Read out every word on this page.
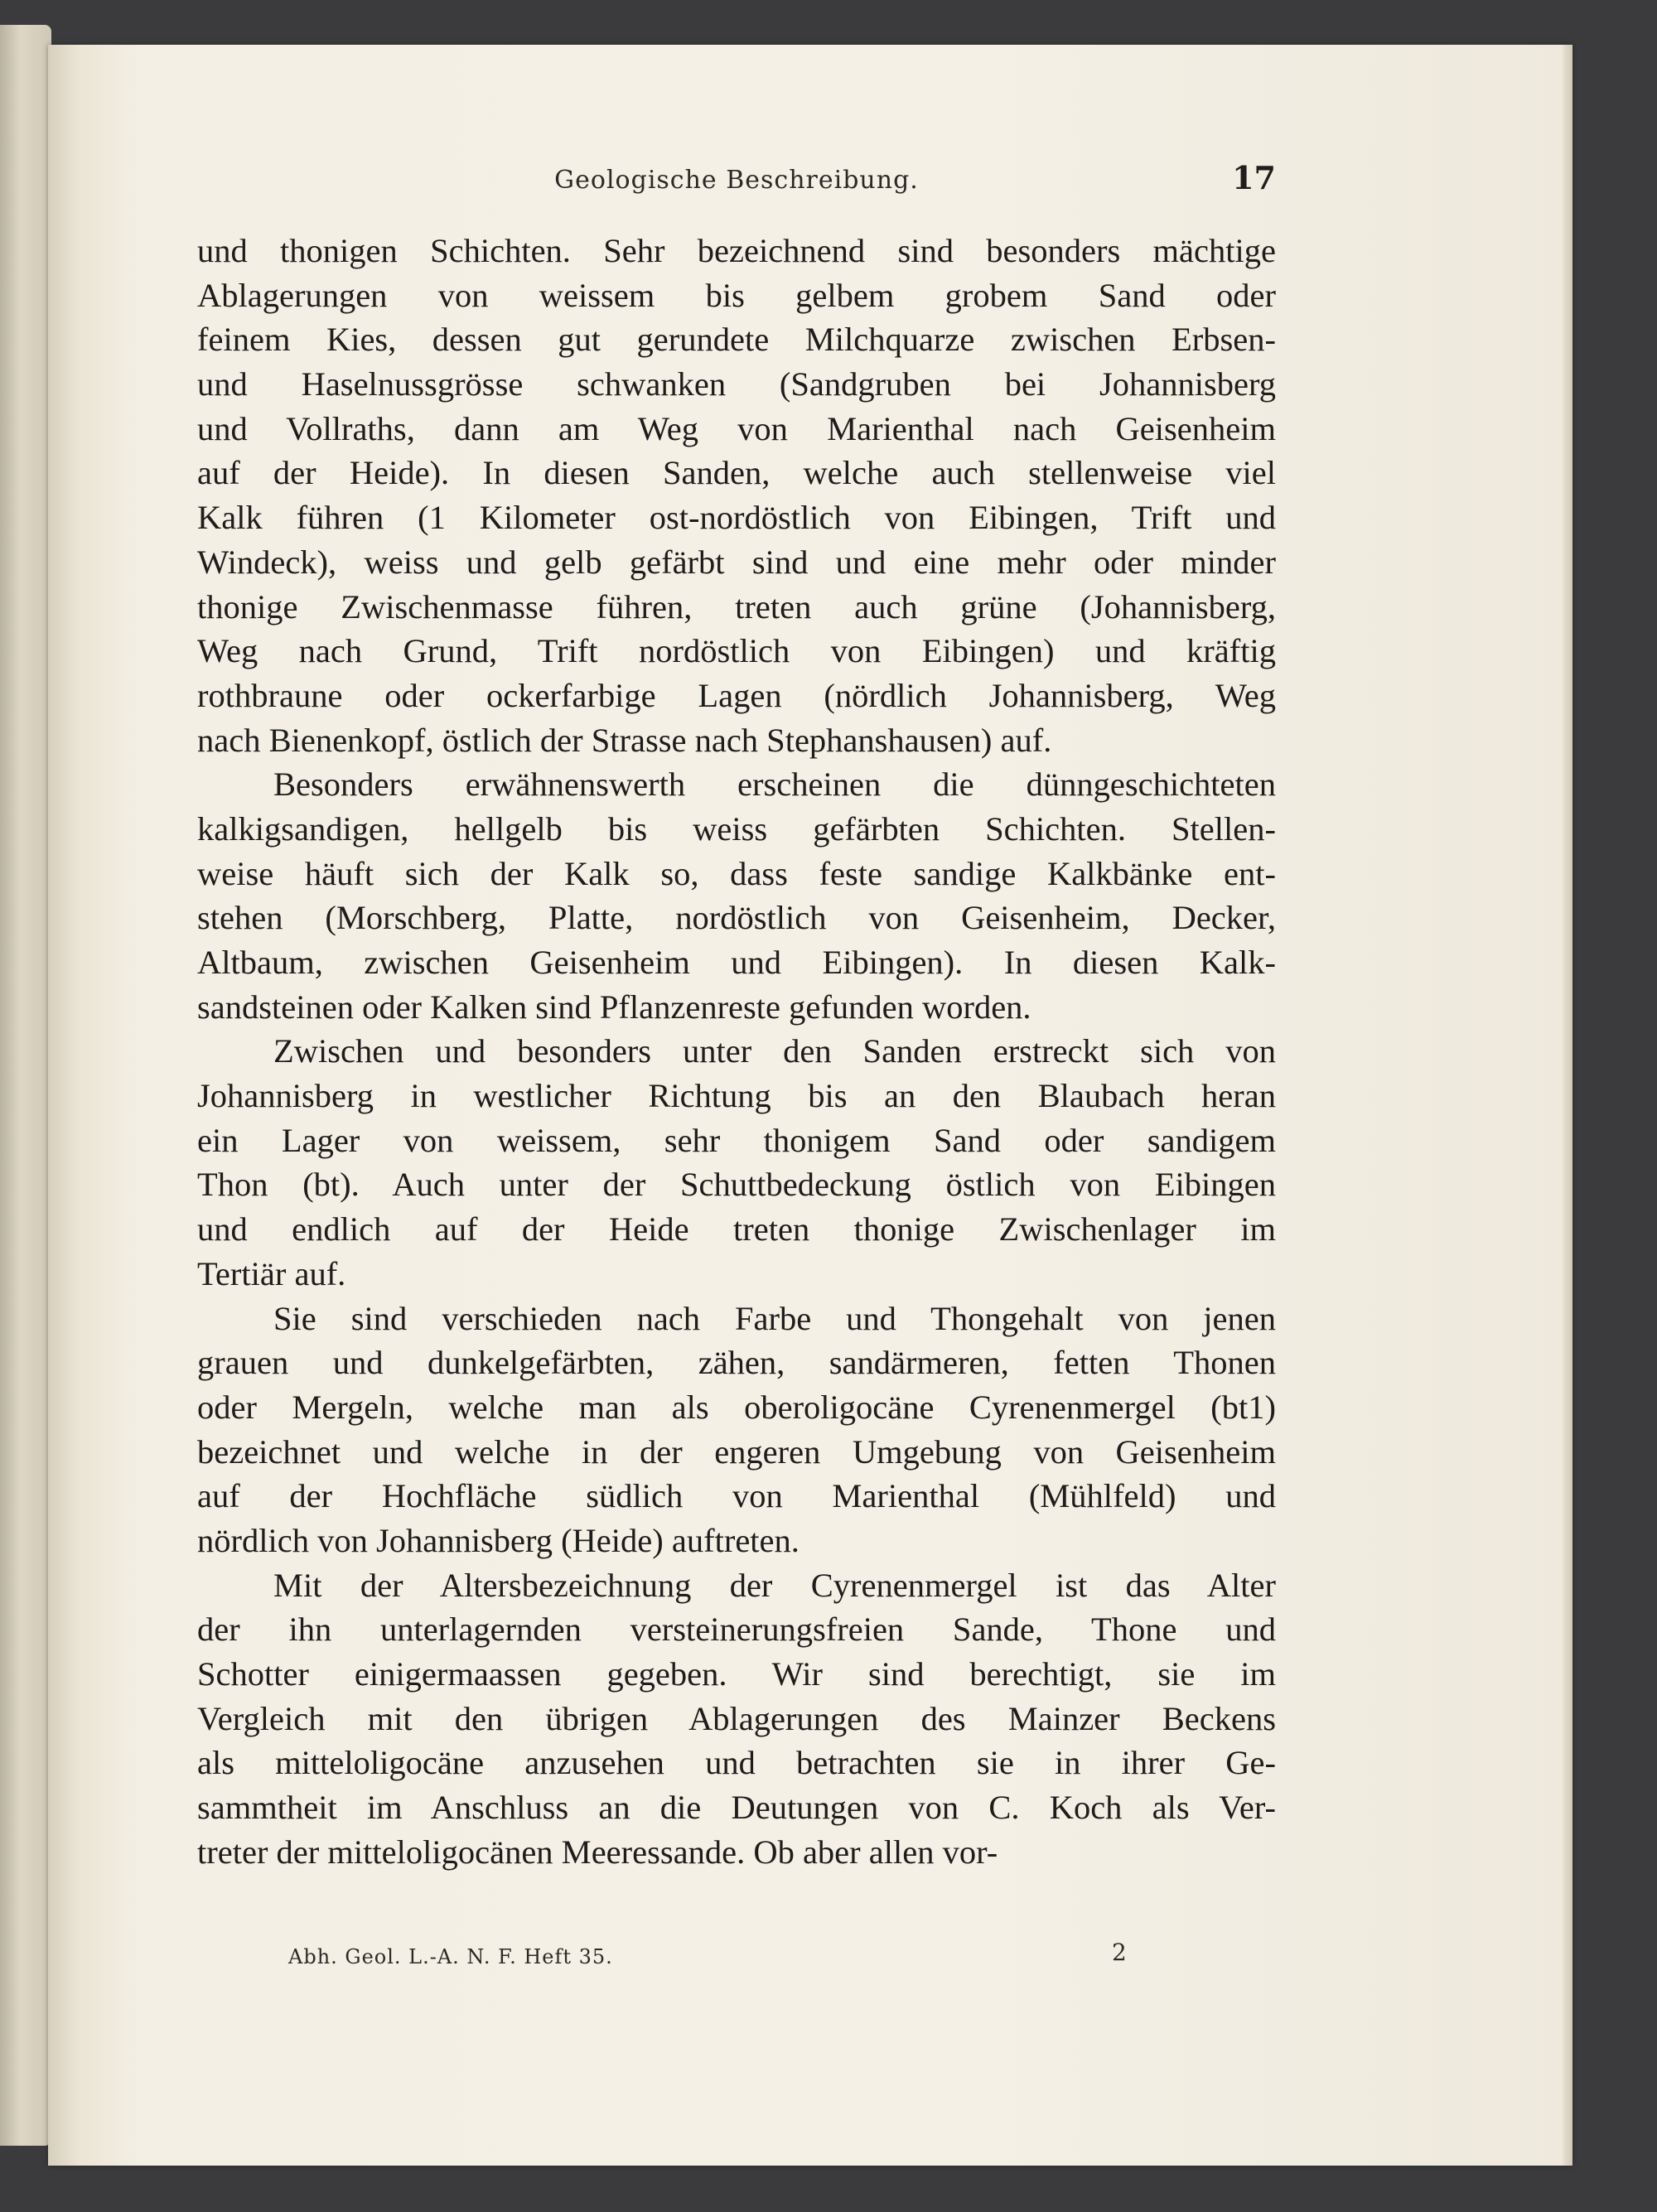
Geologische Beschreibung.	17
und thonigen Schichten. Sehr bezeichnend sind besonders mächtige
Ablagerungen von weissem bis gelbem grobem Sand oder
feinem Kies, dessen gut gerundete Milchquarze zwischen Erbsen-
und Haselnussgrösse schwanken (Sandgruben bei Johannisberg
und Vollraths, dann am Weg von Marienthal nach Geisenheim
auf der Heide). In diesen Sanden, welche auch stellenweise viel
Kalk führen (1 Kilometer ost-nordöstlich von Eibingen, Trift und
Windeck), weiss und gelb gefärbt sind und eine mehr oder minder
thonige Zwischenmasse führen, treten auch grüne (Johannisberg,
Weg nach Grund, Trift nordöstlich von Eibingen) und kräftig
rothbraune oder ockerfarbige Lagen (nördlich Johannisberg, Weg
nach Bienenkopf, östlich der Strasse nach Stephanshausen) auf.
Besonders erwähnenswerth erscheinen die dünngeschichteten
kalkigsandigen, hellgelb bis weiss gefärbten Schichten. Stellen-
weise häuft sich der Kalk so, dass feste sandige Kalkbänke ent-
stehen (Morschberg, Platte, nordöstlich von Geisenheim, Decker,
Altbaum, zwischen Geisenheim und Eibingen). In diesen Kalk-
sandsteinen oder Kalken sind Pflanzenreste gefunden worden.
Zwischen und besonders unter den Sanden erstreckt sich von
Johannisberg in westlicher Richtung bis an den Blaubach heran
ein Lager von weissem, sehr thonigem Sand oder sandigem
Thon (bt). Auch unter der Schuttbedeckung östlich von Eibingen
und endlich auf der Heide treten thonige Zwischenlager im
Tertiär auf.
Sie sind verschieden nach Farbe und Thongehalt von jenen
grauen und dunkelgefärbten, zähen, sandärmeren, fetten Thonen
oder Mergeln, welche man als oberoligocäne Cyrenenmergel (bt1)
bezeichnet und welche in der engeren Umgebung von Geisenheim
auf der Hochfläche südlich von Marienthal (Mühlfeld) und
nördlich von Johannisberg (Heide) auftreten.
Mit der Altersbezeichnung der Cyrenenmergel ist das Alter
der ihn unterlagernden versteinerungsfreien Sande, Thone und
Schotter einigermaassen gegeben. Wir sind berechtigt, sie im
Vergleich mit den übrigen Ablagerungen des Mainzer Beckens
als mitteloligocäne anzusehen und betrachten sie in ihrer Ge-
sammtheit im Anschluss an die Deutungen von C. Koch als Ver-
treter der mitteloligocänen Meeressande. Ob aber allen vor-
Abh. Geol. L.-A. N. F. Heft 35.	2
